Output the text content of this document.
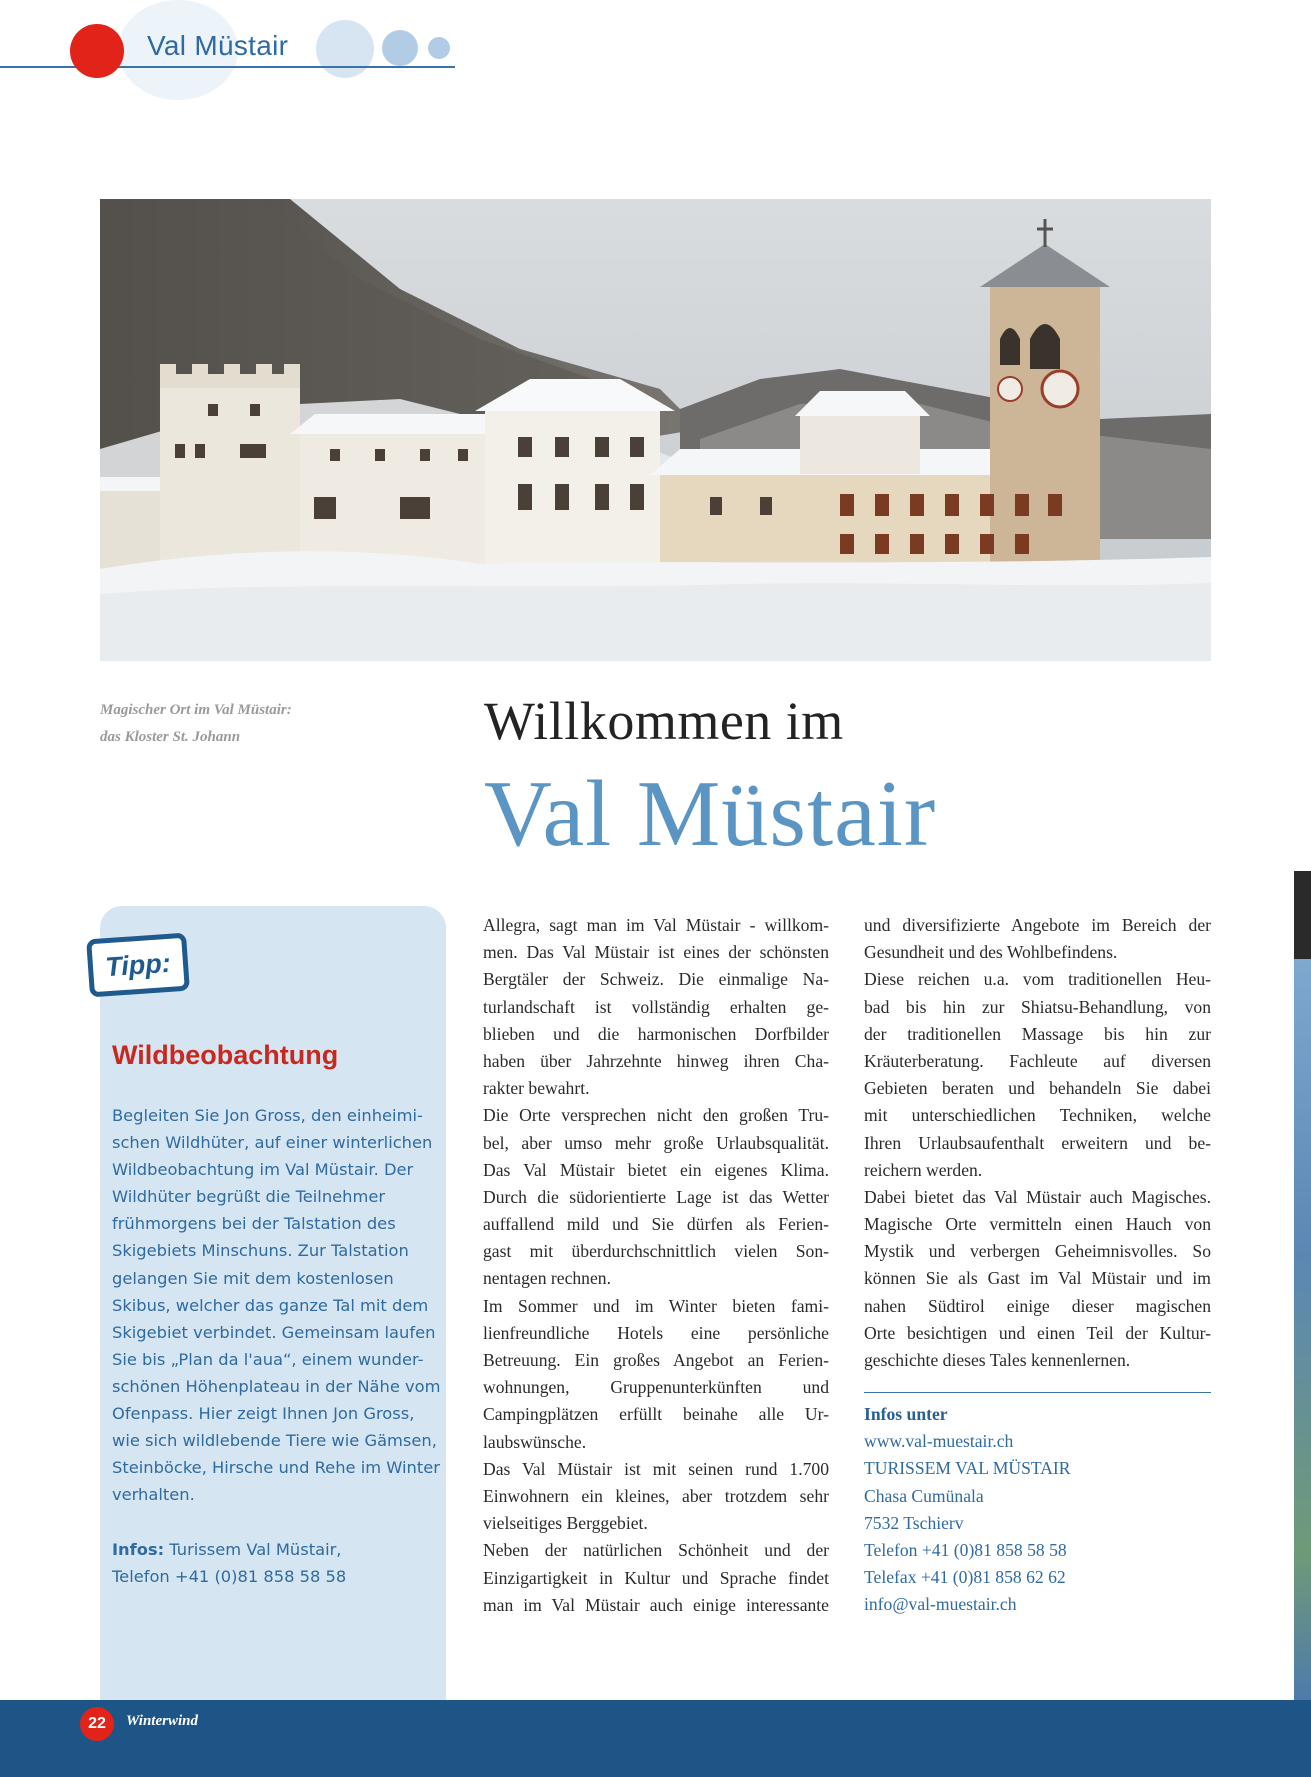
Val Müstair
Magischer Ort im Val Müstair:
das Kloster St. Johann	Willkommen im
Val Müstair
Tipp:
Wildbeobachtung
Begleiten Sie Jon Gross, den einheimi-
schen Wildhüter, auf einer winterlichen
Wildbeobachtung im Val Müstair. Der
Wildhüter begrüßt die Teilnehmer
frühmorgens bei der Talstation des
Skigebiets Minschuns. Zur Talstation
gelangen Sie mit dem kostenlosen
Skibus, welcher das ganze Tal mit dem
Skigebiet verbindet. Gemeinsam laufen
Sie bis „Plan da l'aua“, einem wunder-
schönen Höhenplateau in der Nähe vom
Ofenpass. Hier zeigt Ihnen Jon Gross,
wie sich wildlebende Tiere wie Gämsen,
Steinböcke, Hirsche und Rehe im Winter
verhalten.
Infos: Turissem Val Müstair,
Telefon +41 (0)81 858 58 58
Allegra, sagt man im Val Müstair - willkom-
men. Das Val Müstair ist eines der schönsten
Bergtäler der Schweiz. Die einmalige Na-
turlandschaft ist vollständig erhalten ge-
blieben und die harmonischen Dorfbilder
haben über Jahrzehnte hinweg ihren Cha-
rakter bewahrt.
Die Orte versprechen nicht den großen Tru-
bel, aber umso mehr große Urlaubsqualität.
Das Val Müstair bietet ein eigenes Klima.
Durch die südorientierte Lage ist das Wetter
auffallend mild und Sie dürfen als Ferien-
gast mit überdurchschnittlich vielen Son-
nentagen rechnen.
Im Sommer und im Winter bieten fami-
lienfreundliche Hotels eine persönliche
Betreuung. Ein großes Angebot an Ferien-
wohnungen, Gruppenunterkünften und
Campingplätzen erfüllt beinahe alle Ur-
laubswünsche.
Das Val Müstair ist mit seinen rund 1.700
Einwohnern ein kleines, aber trotzdem sehr
vielseitiges Berggebiet.
Neben der natürlichen Schönheit und der
Einzigartigkeit in Kultur und Sprache findet
man im Val Müstair auch einige interessante
und diversifizierte Angebote im Bereich der
Gesundheit und des Wohlbefindens.
Diese reichen u.a. vom traditionellen Heu-
bad bis hin zur Shiatsu-Behandlung, von
der traditionellen Massage bis hin zur
Kräuterberatung. Fachleute auf diversen
Gebieten beraten und behandeln Sie dabei
mit unterschiedlichen Techniken, welche
Ihren Urlaubsaufenthalt erweitern und be-
reichern werden.
Dabei bietet das Val Müstair auch Magisches.
Magische Orte vermitteln einen Hauch von
Mystik und verbergen Geheimnisvolles. So
können Sie als Gast im Val Müstair und im
nahen Südtirol einige dieser magischen
Orte besichtigen und einen Teil der Kultur-
geschichte dieses Tales kennenlernen.
Infos unter
www.val-muestair.ch
TURISSEM VAL MÜSTAIR
Chasa Cumünala
7532 Tschierv
Telefon +41 (0)81 858 58 58
Telefax +41 (0)81 858 62 62
info@val-muestair.ch
22	Winterwind
